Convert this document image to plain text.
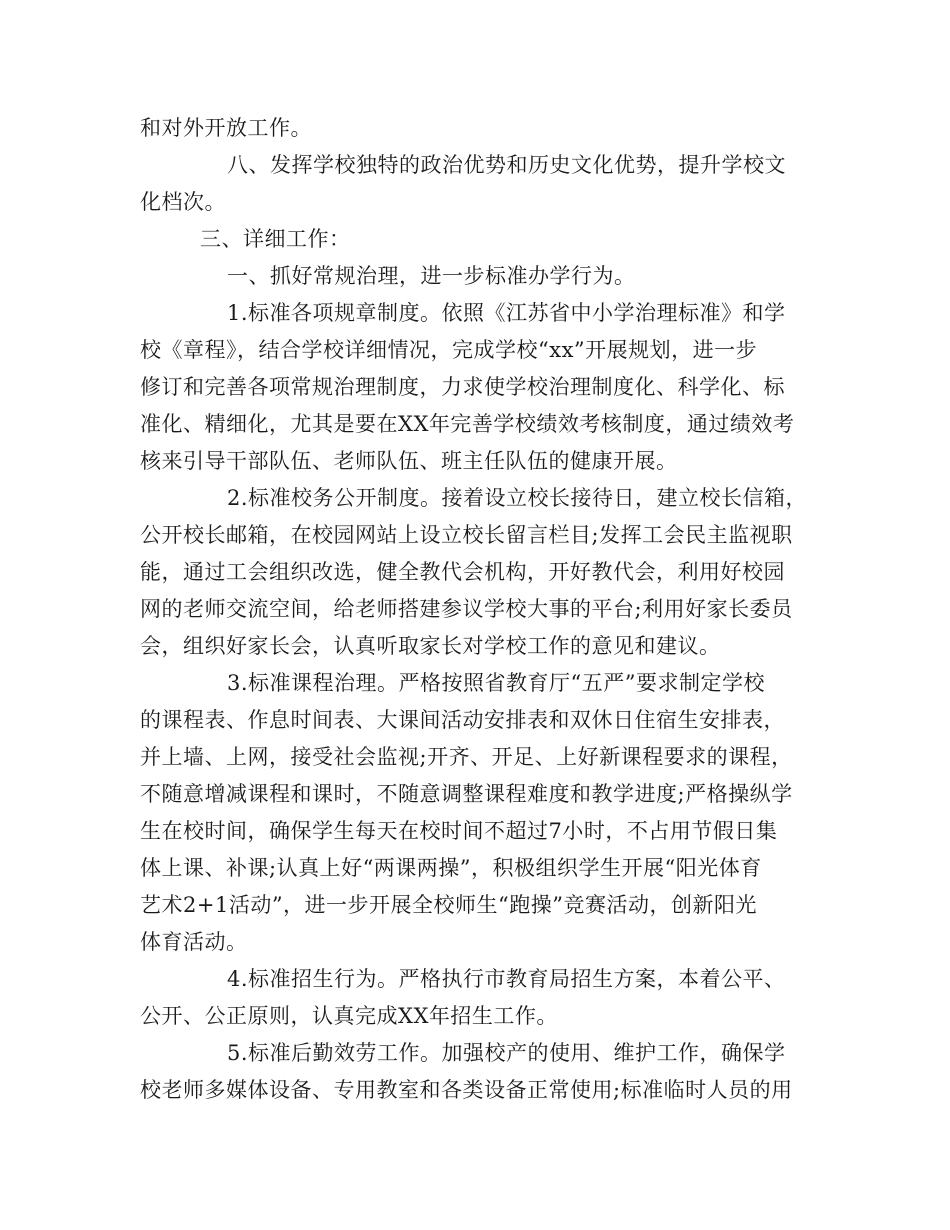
和对外开放工作。

八、发挥学校独特的政治优势和历史文化优势，提升学校文

化档次。

三、详细工作：

一、抓好常规治理，进一步标准办学行为。

1.标准各项规章制度。依照《江苏省中小学治理标准》和学

校《章程》，结合学校详细情况，完成学校“xx”开展规划，进一步

修订和完善各项常规治理制度，力求使学校治理制度化、科学化、标

准化、精细化，尤其是要在XX年完善学校绩效考核制度，通过绩效考

核来引导干部队伍、老师队伍、班主任队伍的健康开展。

2.标准校务公开制度。接着设立校长接待日，建立校长信箱，

公开校长邮箱，在校园网站上设立校长留言栏目;发挥工会民主监视职

能，通过工会组织改选，健全教代会机构，开好教代会，利用好校园

网的老师交流空间，给老师搭建参议学校大事的平台;利用好家长委员

会，组织好家长会，认真听取家长对学校工作的意见和建议。

3.标准课程治理。严格按照省教育厅“五严”要求制定学校

的课程表、作息时间表、大课间活动安排表和双休日住宿生安排表，

并上墙、上网，接受社会监视;开齐、开足、上好新课程要求的课程，

不随意增减课程和课时，不随意调整课程难度和教学进度;严格操纵学

生在校时间，确保学生每天在校时间不超过7小时，不占用节假日集

体上课、补课;认真上好“两课两操”，积极组织学生开展“阳光体育

艺术2+1活动”，进一步开展全校师生“跑操”竞赛活动，创新阳光

体育活动。

4.标准招生行为。严格执行市教育局招生方案，本着公平、

公开、公正原则，认真完成XX年招生工作。

5.标准后勤效劳工作。加强校产的使用、维护工作，确保学

校老师多媒体设备、专用教室和各类设备正常使用;标准临时人员的用
